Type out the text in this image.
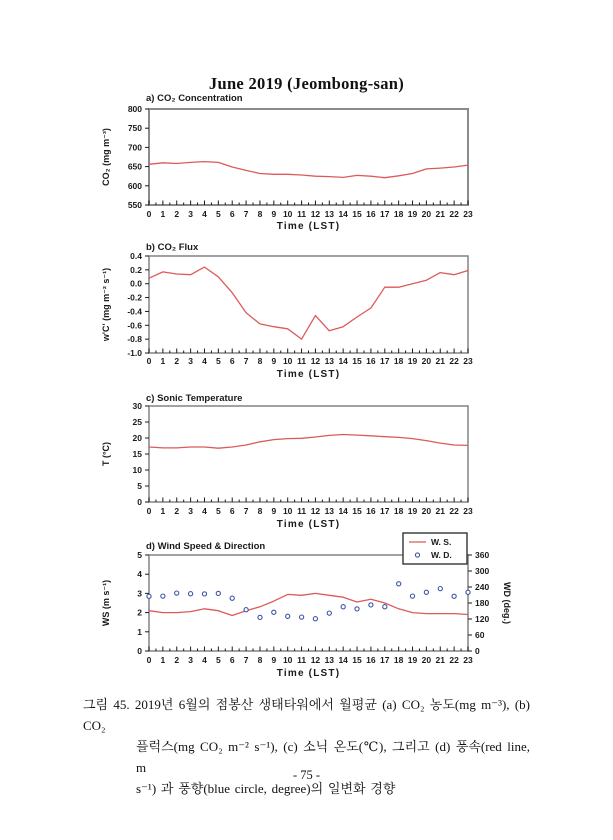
June 2019 (Jeombong-san)
a) CO₂ Concentration
550
600
650
700
750
800
0 1 2 3 4 5 6 7 8 9 10 11 12 13 14 15 16 17 18 19 20 21 22 23
Time (LST)
CO₂ (mg m⁻³)
b) CO₂ Flux
-1.0
-0.8
-0.6
-0.4
-0.2
0.0
0.2
0.4
0 1 2 3 4 5 6 7 8 9 10 11 12 13 14 15 16 17 18 19 20 21 22 23
Time (LST)
w'C' (mg m⁻² s⁻¹)
c) Sonic Temperature
0
5
10
15
20
25
30
0 1 2 3 4 5 6 7 8 9 10 11 12 13 14 15 16 17 18 19 20 21 22 23
Time (LST)
T (°C)
d) Wind Speed & Direction
0
1
2
3
4
5
0
60
120
180
240
300
360
0 1 2 3 4 5 6 7 8 9 10 11 12 13 14 15 16 17 18 19 20 21 22 23
Time (LST)
WS (m s⁻¹)	WD (deg.)
W. S.
W. D.
그림 45. 2019년 6월의 점봉산 생태타워에서 월평균 (a) CO₂ 농도(mg m⁻³), (b) CO₂
플럭스(mg CO₂ m⁻² s⁻¹), (c) 소닉 온도(℃), 그리고 (d) 풍속(red line, m
s⁻¹) 과 풍향(blue circle, degree)의 일변화 경향
- 75 -
